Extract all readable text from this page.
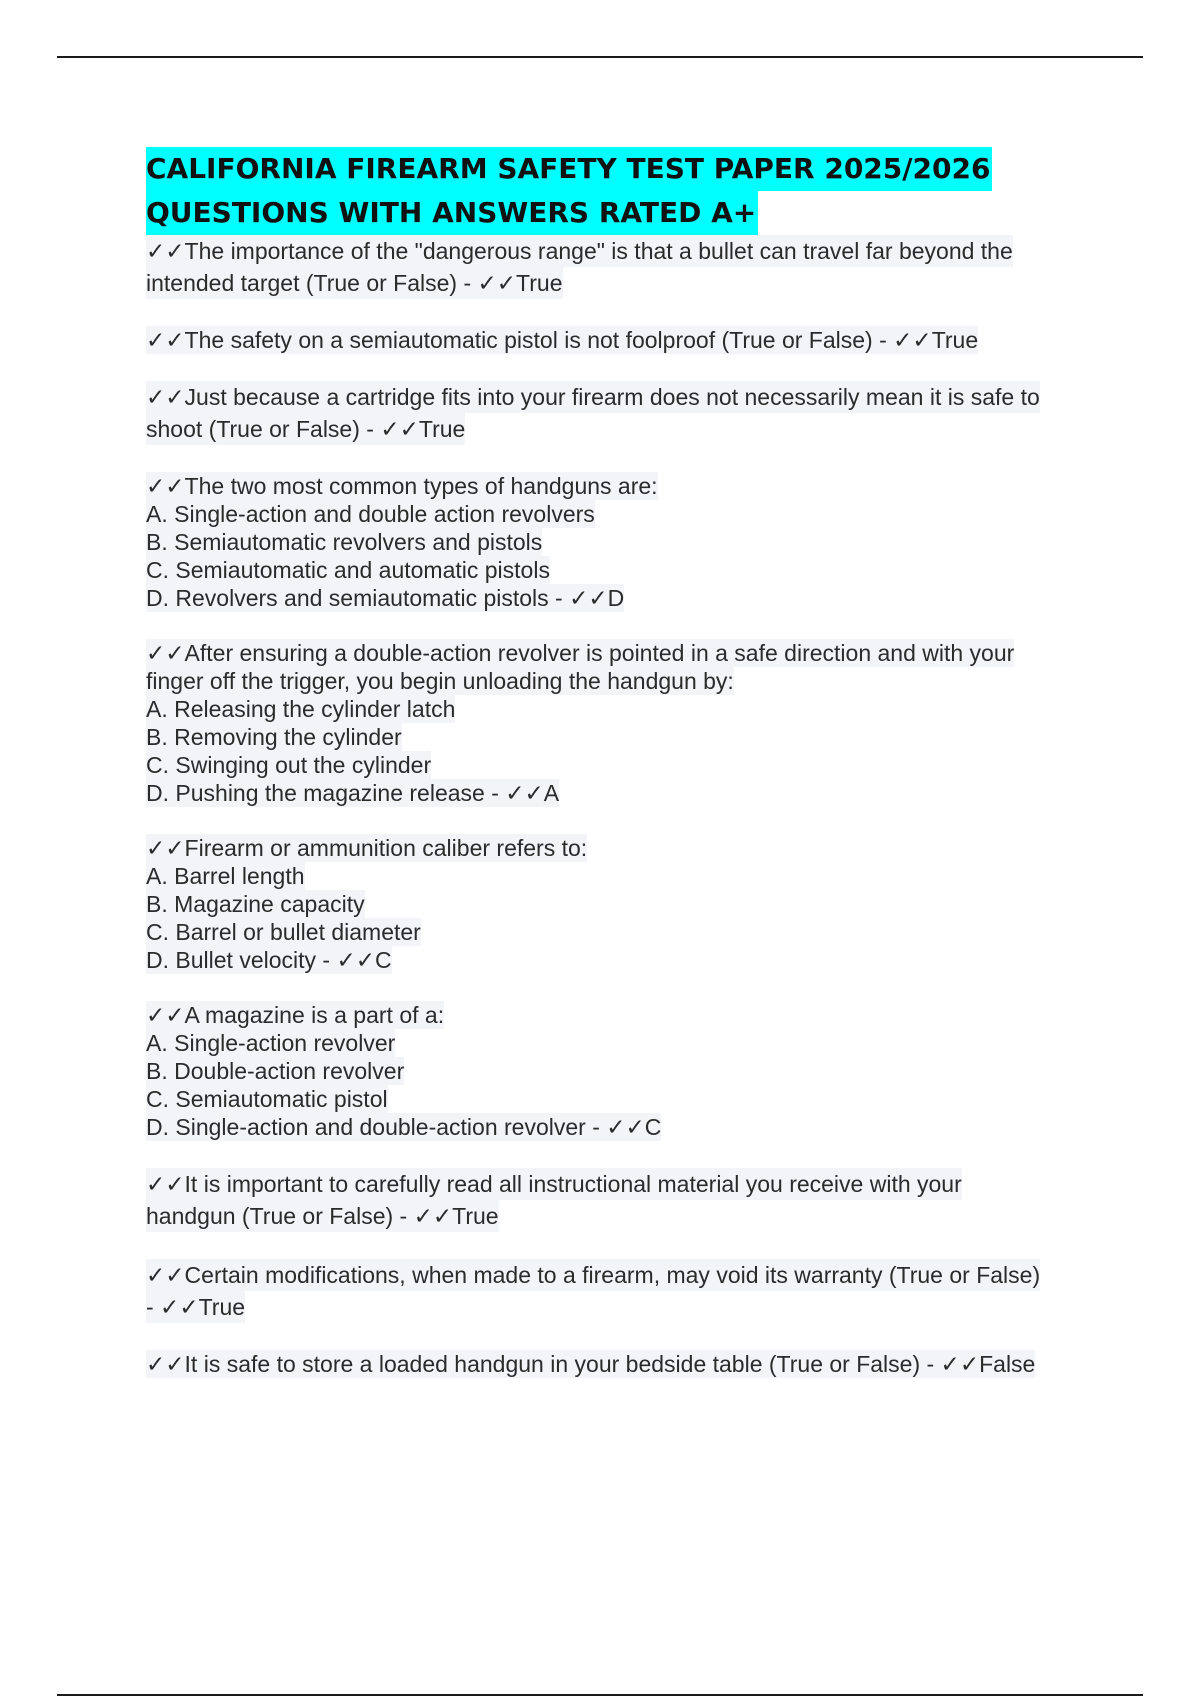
CALIFORNIA FIREARM SAFETY TEST PAPER 2025/2026
QUESTIONS WITH ANSWERS RATED A+
✓✓The importance of the "dangerous range" is that a bullet can travel far beyond the
intended target (True or False) - ✓✓True
✓✓The safety on a semiautomatic pistol is not foolproof (True or False) - ✓✓True
✓✓Just because a cartridge fits into your firearm does not necessarily mean it is safe to
shoot (True or False) - ✓✓True
✓✓The two most common types of handguns are:
A. Single-action and double action revolvers
B. Semiautomatic revolvers and pistols
C. Semiautomatic and automatic pistols
D. Revolvers and semiautomatic pistols - ✓✓D
✓✓After ensuring a double-action revolver is pointed in a safe direction and with your
finger off the trigger, you begin unloading the handgun by:
A. Releasing the cylinder latch
B. Removing the cylinder
C. Swinging out the cylinder
D. Pushing the magazine release - ✓✓A
✓✓Firearm or ammunition caliber refers to:
A. Barrel length
B. Magazine capacity
C. Barrel or bullet diameter
D. Bullet velocity - ✓✓C
✓✓A magazine is a part of a:
A. Single-action revolver
B. Double-action revolver
C. Semiautomatic pistol
D. Single-action and double-action revolver - ✓✓C
✓✓It is important to carefully read all instructional material you receive with your
handgun (True or False) - ✓✓True
✓✓Certain modifications, when made to a firearm, may void its warranty (True or False)
- ✓✓True
✓✓It is safe to store a loaded handgun in your bedside table (True or False) - ✓✓False
